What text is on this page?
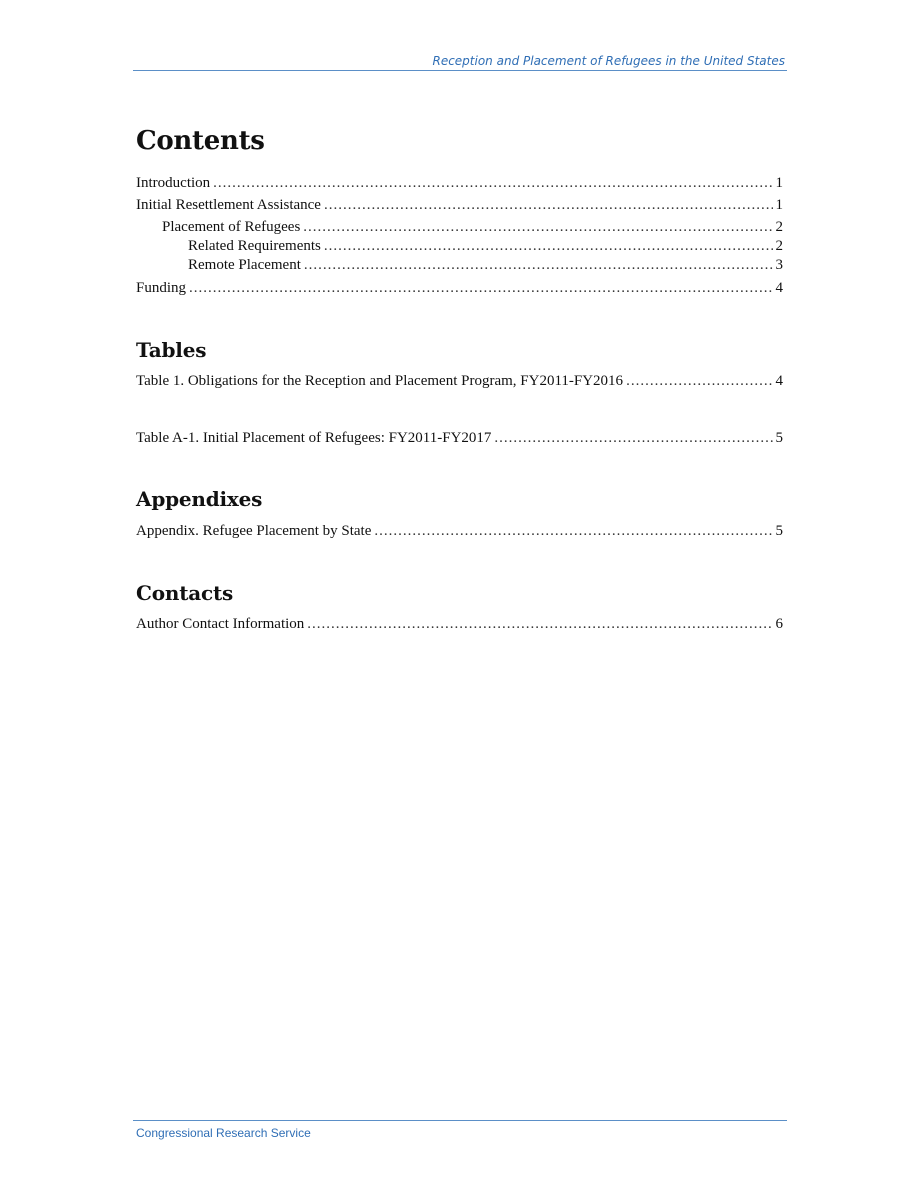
Reception and Placement of Refugees in the United States
Contents
Introduction .....	1
Initial Resettlement Assistance .....	1
Placement of Refugees .....	2
Related Requirements .....	2
Remote Placement .....	3
Funding .....	4
Tables
Table 1. Obligations for the Reception and Placement Program, FY2011-FY2016 .....	4
Table A-1. Initial Placement of Refugees: FY2011-FY2017 .....	5
Appendixes
Appendix. Refugee Placement by State .....	5
Contacts
Author Contact Information .....	6
Congressional Research Service
